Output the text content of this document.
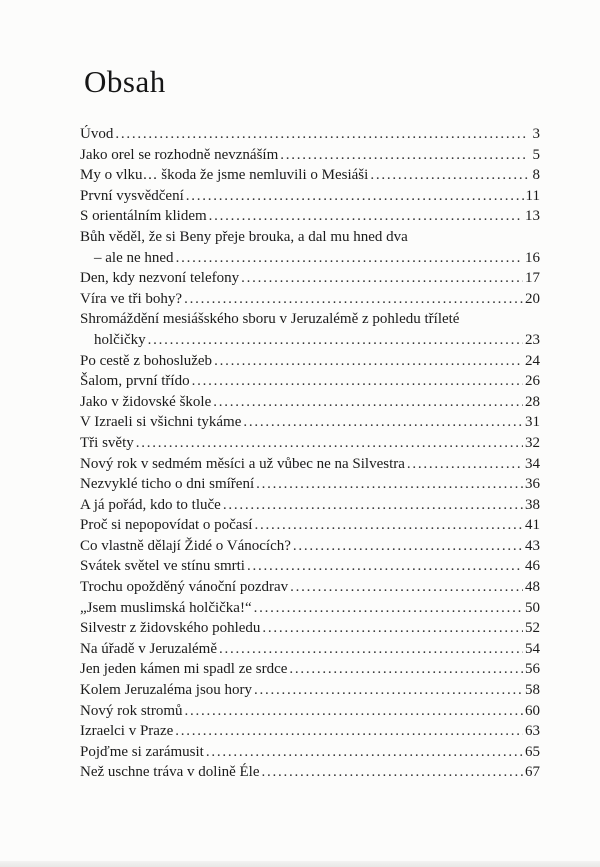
Obsah
Úvod . . .	3
Jako orel se rozhodně nevznáším . . .	5
My o vlku… škoda že jsme nemluvili o Mesiáši . . .	8
První vysvědčení . . .	11
S orientálním klidem . . .	13
Bůh věděl, že si Beny přeje brouka, a dal mu hned dva
– ale ne hned . . .	16
Den, kdy nezvoní telefony . . .	17
Víra ve tři bohy? . . .	20
Shromáždění mesiášského sboru v Jeruzalémě z pohledu tříleté
holčičky . . .	23
Po cestě z bohoslužeb . . .	24
Šalom, první třído . . .	26
Jako v židovské škole . . .	28
V Izraeli si všichni tykáme . . .	31
Tři světy . . .	32
Nový rok v sedmém měsíci a už vůbec ne na Silvestra . . .	34
Nezvyklé ticho o dni smíření . . .	36
A já pořád, kdo to tluče . . .	38
Proč si nepopovídat o počasí . . .	41
Co vlastně dělají Židé o Vánocích? . . .	43
Svátek světel ve stínu smrti . . .	46
Trochu opožděný vánoční pozdrav . . .	48
„Jsem muslimská holčička!“ . . .	50
Silvestr z židovského pohledu . . .	52
Na úřadě v Jeruzalémě . . .	54
Jen jeden kámen mi spadl ze srdce . . .	56
Kolem Jeruzaléma jsou hory . . .	58
Nový rok stromů . . .	60
Izraelci v Praze . . .	63
Pojďme si zarámusit . . .	65
Než uschne tráva v dolině Éle . . .	67
